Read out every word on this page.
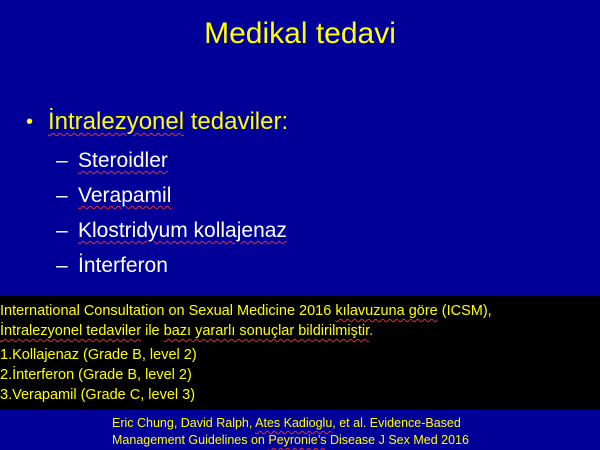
Medikal tedavi
• İntralezyonel tedaviler:
– Steroidler
– Verapamil
– Klostridyum kollajenaz
– İnterferon
International Consultation on Sexual Medicine 2016 kılavuzuna göre (ICSM),
İntralezyonel tedaviler ile bazı yararlı sonuçlar bildirilmiştir.
1.Kollajenaz (Grade B, level 2)
2.İnterferon (Grade B, level 2)
3.Verapamil (Grade C, level 3)
Eric Chung, David Ralph, Ates Kadioglu, et al. Evidence-Based
Management Guidelines on Peyronie’s Disease J Sex Med 2016
